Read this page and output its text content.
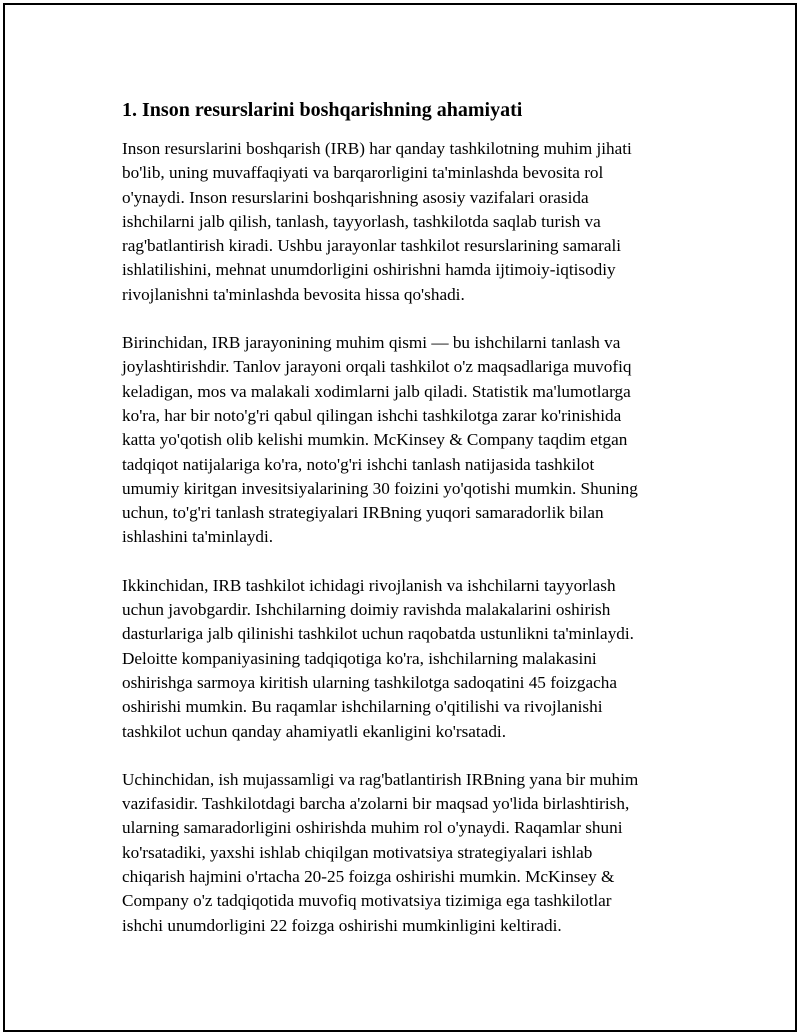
1. Inson resurslarini boshqarishning ahamiyati

Inson resurslarini boshqarish (IRB) har qanday tashkilotning muhim jihati
bo'lib, uning muvaffaqiyati va barqarorligini ta'minlashda bevosita rol
o'ynaydi. Inson resurslarini boshqarishning asosiy vazifalari orasida
ishchilarni jalb qilish, tanlash, tayyorlash, tashkilotda saqlab turish va
rag'batlantirish kiradi. Ushbu jarayonlar tashkilot resurslarining samarali
ishlatilishini, mehnat unumdorligini oshirishni hamda ijtimoiy-iqtisodiy
rivojlanishni ta'minlashda bevosita hissa qo'shadi.

Birinchidan, IRB jarayonining muhim qismi — bu ishchilarni tanlash va
joylashtirishdir. Tanlov jarayoni orqali tashkilot o'z maqsadlariga muvofiq
keladigan, mos va malakali xodimlarni jalb qiladi. Statistik ma'lumotlarga
ko'ra, har bir noto'g'ri qabul qilingan ishchi tashkilotga zarar ko'rinishida
katta yo'qotish olib kelishi mumkin. McKinsey & Company taqdim etgan
tadqiqot natijalariga ko'ra, noto'g'ri ishchi tanlash natijasida tashkilot
umumiy kiritgan invesitsiyalarining 30 foizini yo'qotishi mumkin. Shuning
uchun, to'g'ri tanlash strategiyalari IRBning yuqori samaradorlik bilan
ishlashini ta'minlaydi.

Ikkinchidan, IRB tashkilot ichidagi rivojlanish va ishchilarni tayyorlash
uchun javobgardir. Ishchilarning doimiy ravishda malakalarini oshirish
dasturlariga jalb qilinishi tashkilot uchun raqobatda ustunlikni ta'minlaydi.
Deloitte kompaniyasining tadqiqotiga ko'ra, ishchilarning malakasini
oshirishga sarmoya kiritish ularning tashkilotga sadoqatini 45 foizgacha
oshirishi mumkin. Bu raqamlar ishchilarning o'qitilishi va rivojlanishi
tashkilot uchun qanday ahamiyatli ekanligini ko'rsatadi.

Uchinchidan, ish mujassamligi va rag'batlantirish IRBning yana bir muhim
vazifasidir. Tashkilotdagi barcha a'zolarni bir maqsad yo'lida birlashtirish,
ularning samaradorligini oshirishda muhim rol o'ynaydi. Raqamlar shuni
ko'rsatadiki, yaxshi ishlab chiqilgan motivatsiya strategiyalari ishlab
chiqarish hajmini o'rtacha 20-25 foizga oshirishi mumkin. McKinsey &
Company o'z tadqiqotida muvofiq motivatsiya tizimiga ega tashkilotlar
ishchi unumdorligini 22 foizga oshirishi mumkinligini keltiradi.
